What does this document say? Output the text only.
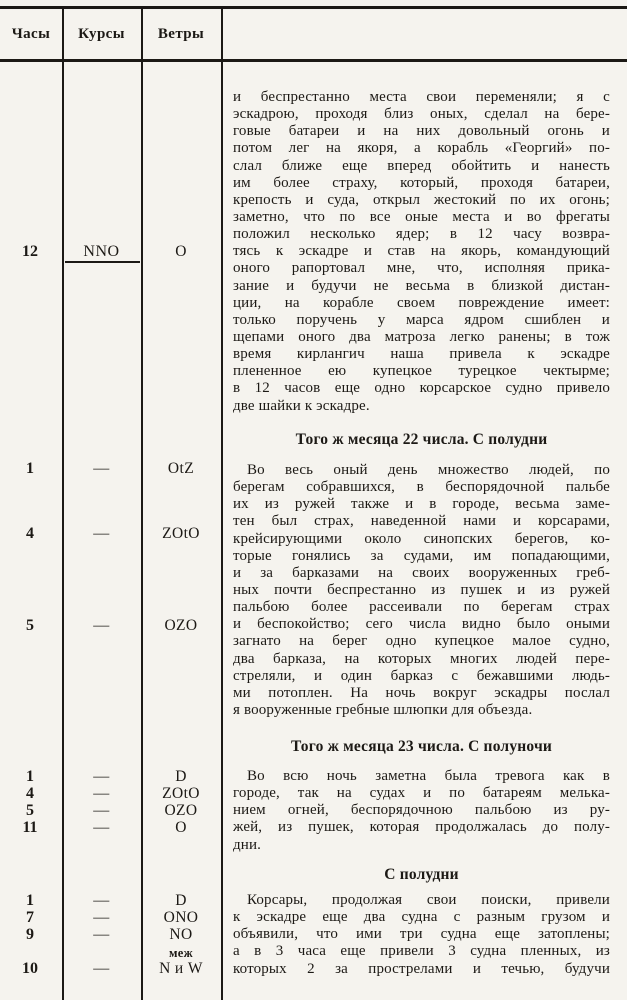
Часы	Курсы	Ветры
12	NNO	O
1	—	OtZ
4	—	ZOtO
5	—	OZO
1	—	D
4	—	ZOtO
5	—	OZO
11	—	O
1	—	D
7	—	ONO
9	—	NO
меж
10	—	N и W
и беспрестанно места свои переменяли; я с
эскадрою, проходя близ оных, сделал на бере-
говые батареи и на них довольный огонь и
потом лег на якоря, а корабль «Георгий» по-
слал ближе еще вперед обойтить и нанесть
им более страху, который, проходя батареи,
крепость и суда, открыл жестокий по их огонь;
заметно, что по все оные места и во фрегаты
положил несколько ядер; в 12 часу возвра-
тясь к эскадре и став на якорь, командующий
оного рапортовал мне, что, исполняя прика-
зание и будучи не весьма в близкой дистан-
ции, на корабле своем повреждение имеет:
только поручень у марса ядром сшиблен и
щепами оного два матроза легко ранены; в тож
время кирлангич наша привела к эскадре
плененное ею купецкое турецкое чектырме;
в 12 часов еще одно корсарское судно привело
две шайки к эскадре.
Того ж месяца 22 числа. С полудни
Во весь оный день множество людей, по
берегам собравшихся, в беспорядочной пальбе
их из ружей также и в городе, весьма заме-
тен был страх, наведенной нами и корсарами,
крейсирующими около синопских берегов, ко-
торые гонялись за судами, им попадающими,
и за барказами на своих вооруженных греб-
ных почти беспрестанно из пушек и из ружей
пальбою более рассеивали по берегам страх
и беспокойство; сего числа видно было оными
загнато на берег одно купецкое малое судно,
два барказа, на которых многих людей пере-
стреляли, и один барказ с бежавшими людь-
ми потоплен. На ночь вокруг эскадры послал
я вооруженные гребные шлюпки для объезда.
Того ж месяца 23 числа. С полуночи
Во всю ночь заметна была тревога как в
городе, так на судах и по батареям мелька-
нием огней, беспорядочною пальбою из ру-
жей, из пушек, которая продолжалась до полу-
дни.
С полудни
Корсары, продолжая свои поиски, привели
к эскадре еще два судна с разным грузом и
объявили, что ими три судна еще затоплены;
а в 3 часа еще привели 3 судна пленных, из
которых 2 за прострелами и течью, будучи
